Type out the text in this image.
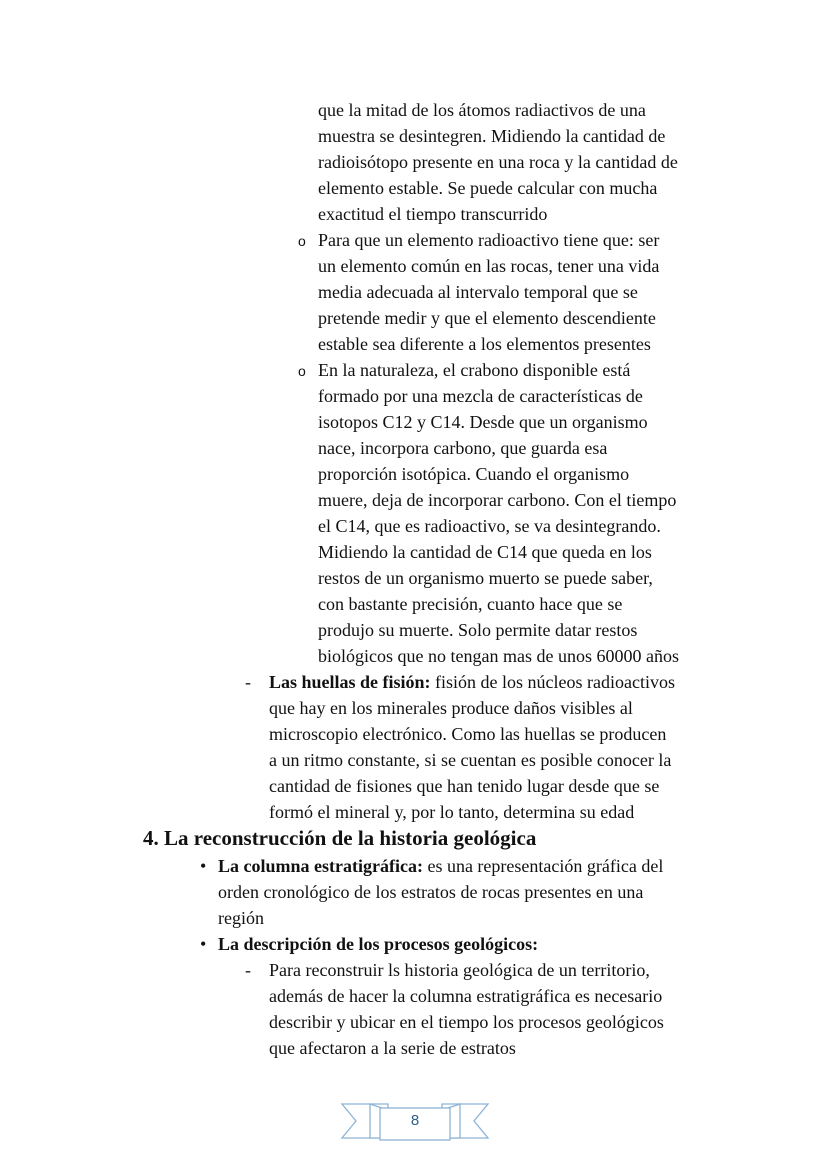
que la mitad de los átomos radiactivos de una
muestra se desintegren. Midiendo la cantidad de
radioisótopo presente en una roca y la cantidad de
elemento estable. Se puede calcular con mucha
exactitud el tiempo transcurrido
o Para que un elemento radioactivo tiene que: ser
un elemento común en las rocas, tener una vida
media adecuada al intervalo temporal que se
pretende medir y que el elemento descendiente
estable sea diferente a los elementos presentes
o En la naturaleza, el crabono disponible está
formado por una mezcla de características de
isotopos C12 y C14. Desde que un organismo
nace, incorpora carbono, que guarda esa
proporción isotópica. Cuando el organismo
muere, deja de incorporar carbono. Con el tiempo
el C14, que es radioactivo, se va desintegrando.
Midiendo la cantidad de C14 que queda en los
restos de un organismo muerto se puede saber,
con bastante precisión, cuanto hace que se
produjo su muerte. Solo permite datar restos
biológicos que no tengan mas de unos 60000 años
- Las huellas de fisión: fisión de los núcleos radioactivos
que hay en los minerales produce daños visibles al
microscopio electrónico. Como las huellas se producen
a un ritmo constante, si se cuentan es posible conocer la
cantidad de fisiones que han tenido lugar desde que se
formó el mineral y, por lo tanto, determina su edad
• La columna estratigráfica: es una representación gráfica del
orden cronológico de los estratos de rocas presentes en una
región
• La descripción de los procesos geológicos:
- Para reconstruir ls historia geológica de un territorio,
además de hacer la columna estratigráfica es necesario
describir y ubicar en el tiempo los procesos geológicos
que afectaron a la serie de estratos
4. La reconstrucción de la historia geológica
8
